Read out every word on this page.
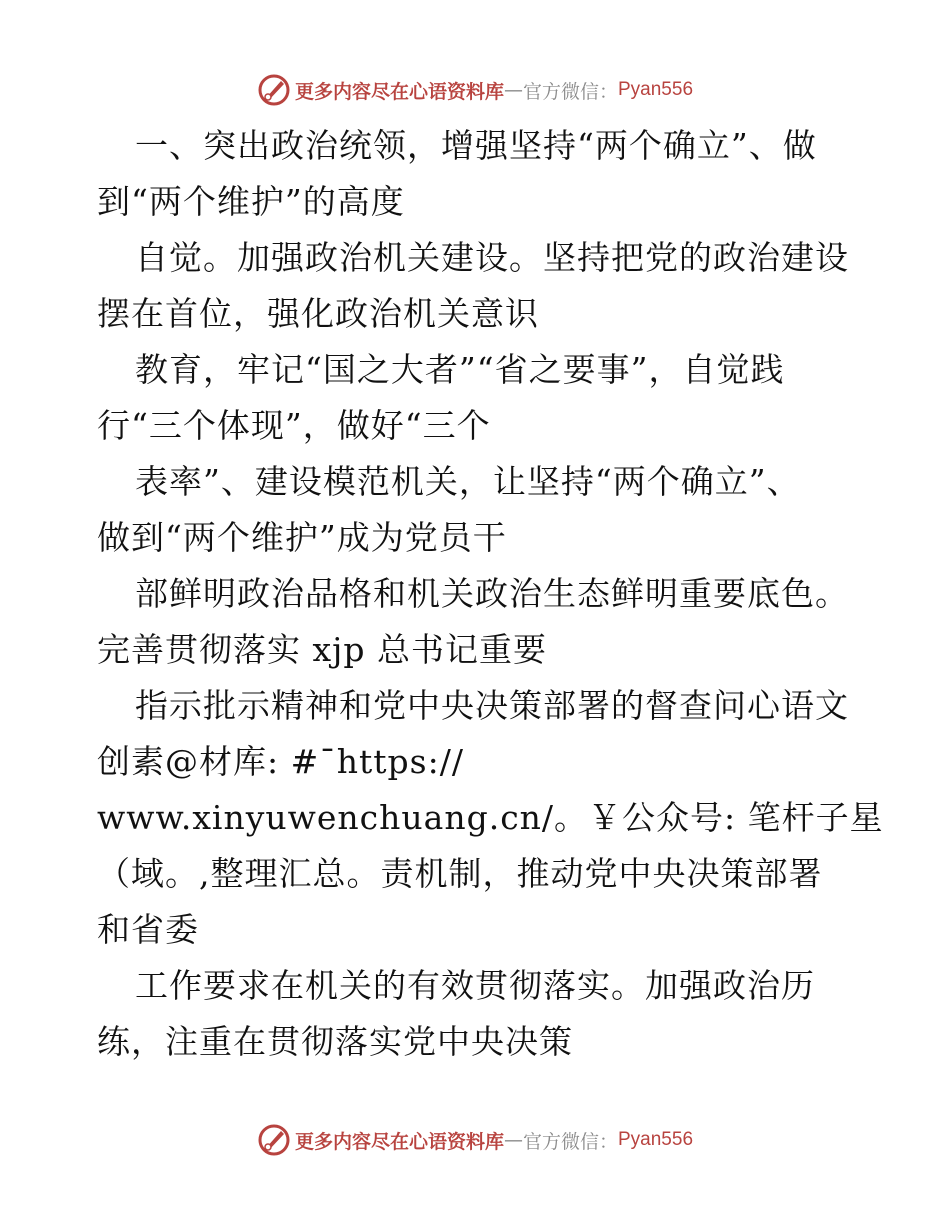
更多内容尽在心语资料库 — 官方微信： Pyan556
一、突出政治统领，增强坚持“两个确立”、做
到“两个维护”的高度
自觉。加强政治机关建设。坚持把党的政治建设
摆在首位，强化政治机关意识
教育，牢记“国之大者”“省之要事”，自觉践
行“三个体现”，做好“三个
表率”、建设模范机关，让坚持“两个确立”、
做到“两个维护”成为党员干
部鲜明政治品格和机关政治生态鲜明重要底色。
完善贯彻落实 xjp 总书记重要
指示批示精神和党中央决策部署的督查问心语文
创素@材库: #¯https://
www.xinyuwenchuang.cn/。￥公众号: 笔杆子星
（域。,整理汇总。责机制，推动党中央决策部署
和省委
工作要求在机关的有效贯彻落实。加强政治历
练，注重在贯彻落实党中央决策
更多内容尽在心语资料库 — 官方微信： Pyan556
